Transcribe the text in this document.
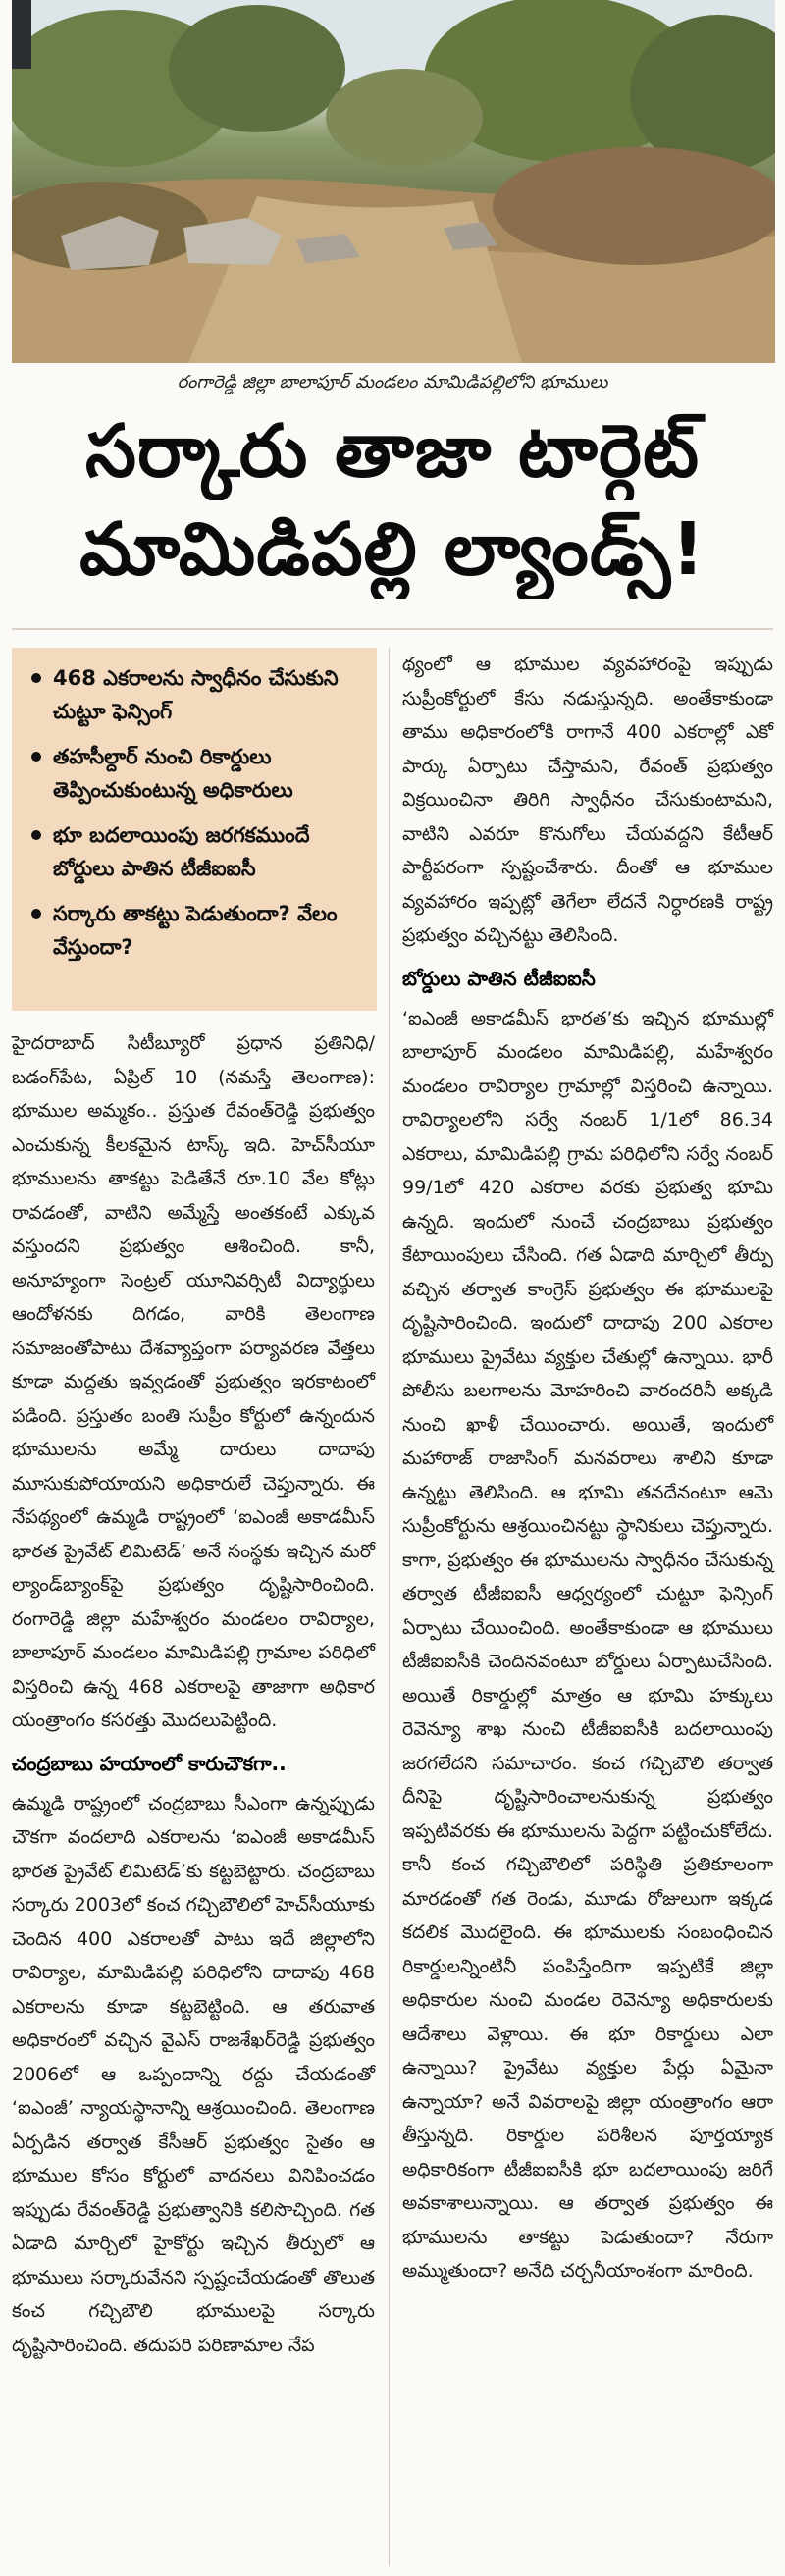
రంగారెడ్డి జిల్లా బాలాపూర్ మండలం మామిడిపల్లిలోని భూములు
సర్కారు తాజా టార్గెట్
మామిడిపల్లి ల్యాండ్స్!
468 ఎకరాలను స్వాధీనం చేసుకుని చుట్టూ ఫెన్సింగ్
తహసీల్దార్ నుంచి రికార్డులు తెప్పించుకుంటున్న అధికారులు
భూ బదలాయింపు జరగకముందే బోర్డులు పాతిన టీజీఐఐసీ
సర్కారు తాకట్టు పెడుతుందా? వేలం వేస్తుందా?

హైదరాబాద్ సిటీబ్యూరో ప్రధాన ప్రతినిధి/బడంగ్‌పేట, ఏప్రిల్ 10 (నమస్తే తెలంగాణ): భూముల అమ్మకం.. ప్రస్తుత రేవంత్‌రెడ్డి ప్రభుత్వం ఎంచుకున్న కీలకమైన టాస్క్ ఇది. హెచ్‌సీయూ భూములను తాకట్టు పెడితేనే రూ.10 వేల కోట్లు రావడంతో, వాటిని అమ్మేస్తే అంతకంటే ఎక్కువ వస్తుందని ప్రభుత్వం ఆశించింది. కానీ, అనూహ్యంగా సెంట్రల్ యూనివర్సిటీ విద్యార్థులు ఆందోళనకు దిగడం, వారికి తెలంగాణ సమాజంతోపాటు దేశవ్యాప్తంగా పర్యావరణ వేత్తలు కూడా మద్దతు ఇవ్వడంతో ప్రభుత్వం ఇరకాటంలో పడింది. ప్రస్తుతం బంతి సుప్రీం కోర్టులో ఉన్నందున భూములను అమ్మే దారులు దాదాపు మూసుకుపోయాయని అధికారులే చెప్తున్నారు. ఈ నేపథ్యంలో ఉమ్మడి రాష్ట్రంలో ‘ఐఎంజీ అకాడమీస్ భారత ప్రైవేట్ లిమిటెడ్’ అనే సంస్థకు ఇచ్చిన మరో ల్యాండ్‌బ్యాంక్‌పై ప్రభుత్వం దృష్టిసారించింది. రంగారెడ్డి జిల్లా మహేశ్వరం మండలం రావిర్యాల, బాలాపూర్ మండలం మామిడిపల్లి గ్రామాల పరిధిలో విస్తరించి ఉన్న 468 ఎకరాలపై తాజాగా అధికార యంత్రాంగం కసరత్తు మొదలుపెట్టింది.

చంద్రబాబు హయాంలో కారుచౌకగా..

ఉమ్మడి రాష్ట్రంలో చంద్రబాబు సీఎంగా ఉన్నప్పుడు చౌకగా వందలాది ఎకరాలను ‘ఐఎంజీ అకాడమీస్ భారత ప్రైవేట్ లిమిటెడ్’కు కట్టబెట్టారు. చంద్రబాబు సర్కారు 2003లో కంచ గచ్చిబౌలిలో హెచ్‌సీయూకు చెందిన 400 ఎకరాలతో పాటు ఇదే జిల్లాలోని రావిర్యాల, మామిడిపల్లి పరిధిలోని దాదాపు 468 ఎకరాలను కూడా కట్టబెట్టింది. ఆ తరువాత అధికారంలో వచ్చిన వైఎస్ రాజశేఖర్‌రెడ్డి ప్రభుత్వం 2006లో ఆ ఒప్పందాన్ని రద్దు చేయడంతో ‘ఐఎంజీ’ న్యాయస్థానాన్ని ఆశ్రయించింది. తెలంగాణ ఏర్పడిన తర్వాత కేసీఆర్ ప్రభుత్వం సైతం ఆ భూముల కోసం కోర్టులో వాదనలు వినిపించడం ఇప్పుడు రేవంత్‌రెడ్డి ప్రభుత్వానికి కలిసొచ్చింది. గత ఏడాది మార్చిలో హైకోర్టు ఇచ్చిన తీర్పులో ఆ భూములు సర్కారువేనని స్పష్టంచేయడంతో తొలుత కంచ గచ్చిబౌలి భూములపై సర్కారు దృష్టిసారించింది. తదుపరి పరిణామాల నేప

థ్యంలో ఆ భూముల వ్యవహారంపై ఇప్పుడు సుప్రీంకోర్టులో కేసు నడుస్తున్నది. అంతేకాకుండా తాము అధికారంలోకి రాగానే 400 ఎకరాల్లో ఎకో పార్కు ఏర్పాటు చేస్తామని, రేవంత్ ప్రభుత్వం విక్రయించినా తిరిగి స్వాధీనం చేసుకుంటామని, వాటిని ఎవరూ కొనుగోలు చేయవద్దని కేటీఆర్ పార్టీపరంగా స్పష్టంచేశారు. దీంతో ఆ భూముల వ్యవహారం ఇప్పట్లో తెగేలా లేదనే నిర్ధారణకి రాష్ట్ర ప్రభుత్వం వచ్చినట్టు తెలిసింది.

బోర్డులు పాతిన టీజీఐఐసీ

‘ఐఎంజీ అకాడమీస్ భారత’కు ఇచ్చిన భూముల్లో బాలాపూర్ మండలం మామిడిపల్లి, మహేశ్వరం మండలం రావిర్యాల గ్రామాల్లో విస్తరించి ఉన్నాయి. రావిర్యాలలోని సర్వే నంబర్ 1/1లో 86.34 ఎకరాలు, మామిడిపల్లి గ్రామ పరిధిలోని సర్వే నంబర్ 99/1లో 420 ఎకరాల వరకు ప్రభుత్వ భూమి ఉన్నది. ఇందులో నుంచే చంద్రబాబు ప్రభుత్వం కేటాయింపులు చేసింది. గత ఏడాది మార్చిలో తీర్పు వచ్చిన తర్వాత కాంగ్రెస్ ప్రభుత్వం ఈ భూములపై దృష్టిసారించింది. ఇందులో దాదాపు 200 ఎకరాల భూములు ప్రైవేటు వ్యక్తుల చేతుల్లో ఉన్నాయి. భారీ పోలీసు బలగాలను మోహరించి వారందరినీ అక్కడి నుంచి ఖాళీ చేయించారు. అయితే, ఇందులో మహారాజ్ రాజాసింగ్ మనవరాలు శాలిని కూడా ఉన్నట్టు తెలిసింది. ఆ భూమి తనదేనంటూ ఆమె సుప్రీంకోర్టును ఆశ్రయించినట్టు స్థానికులు చెప్తున్నారు. కాగా, ప్రభుత్వం ఈ భూములను స్వాధీనం చేసుకున్న తర్వాత టీజీఐఐసీ ఆధ్వర్యంలో చుట్టూ ఫెన్సింగ్ ఏర్పాటు చేయించింది. అంతేకాకుండా ఆ భూములు టీజీఐఐసీకి చెందినవంటూ బోర్డులు ఏర్పాటుచేసింది. అయితే రికార్డుల్లో మాత్రం ఆ భూమి హక్కులు రెవెన్యూ శాఖ నుంచి టీజీఐఐసీకి బదలాయింపు జరగలేదని సమాచారం. కంచ గచ్చిబౌలి తర్వాత దీనిపై దృష్టిసారించాలనుకున్న ప్రభుత్వం ఇప్పటివరకు ఈ భూములను పెద్దగా పట్టించుకోలేదు. కానీ కంచ గచ్చిబౌలిలో పరిస్థితి ప్రతికూలంగా మారడంతో గత రెండు, మూడు రోజులుగా ఇక్కడ కదలిక మొదలైంది. ఈ భూములకు సంబంధించిన రికార్డులన్నింటినీ పంపిస్తేందిగా ఇప్పటికే జిల్లా అధికారుల నుంచి మండల రెవెన్యూ అధికారులకు ఆదేశాలు వెళ్లాయి. ఈ భూ రికార్డులు ఎలా ఉన్నాయి? ప్రైవేటు వ్యక్తుల పేర్లు ఏమైనా ఉన్నాయా? అనే వివరాలపై జిల్లా యంత్రాంగం ఆరా తీస్తున్నది. రికార్డుల పరిశీలన పూర్తయ్యాక అధికారికంగా టీజీఐఐసీకి భూ బదలాయింపు జరిగే అవకాశాలున్నాయి. ఆ తర్వాత ప్రభుత్వం ఈ భూములను తాకట్టు పెడుతుందా? నేరుగా అమ్ముతుందా? అనేది చర్చనీయాంశంగా మారింది.
